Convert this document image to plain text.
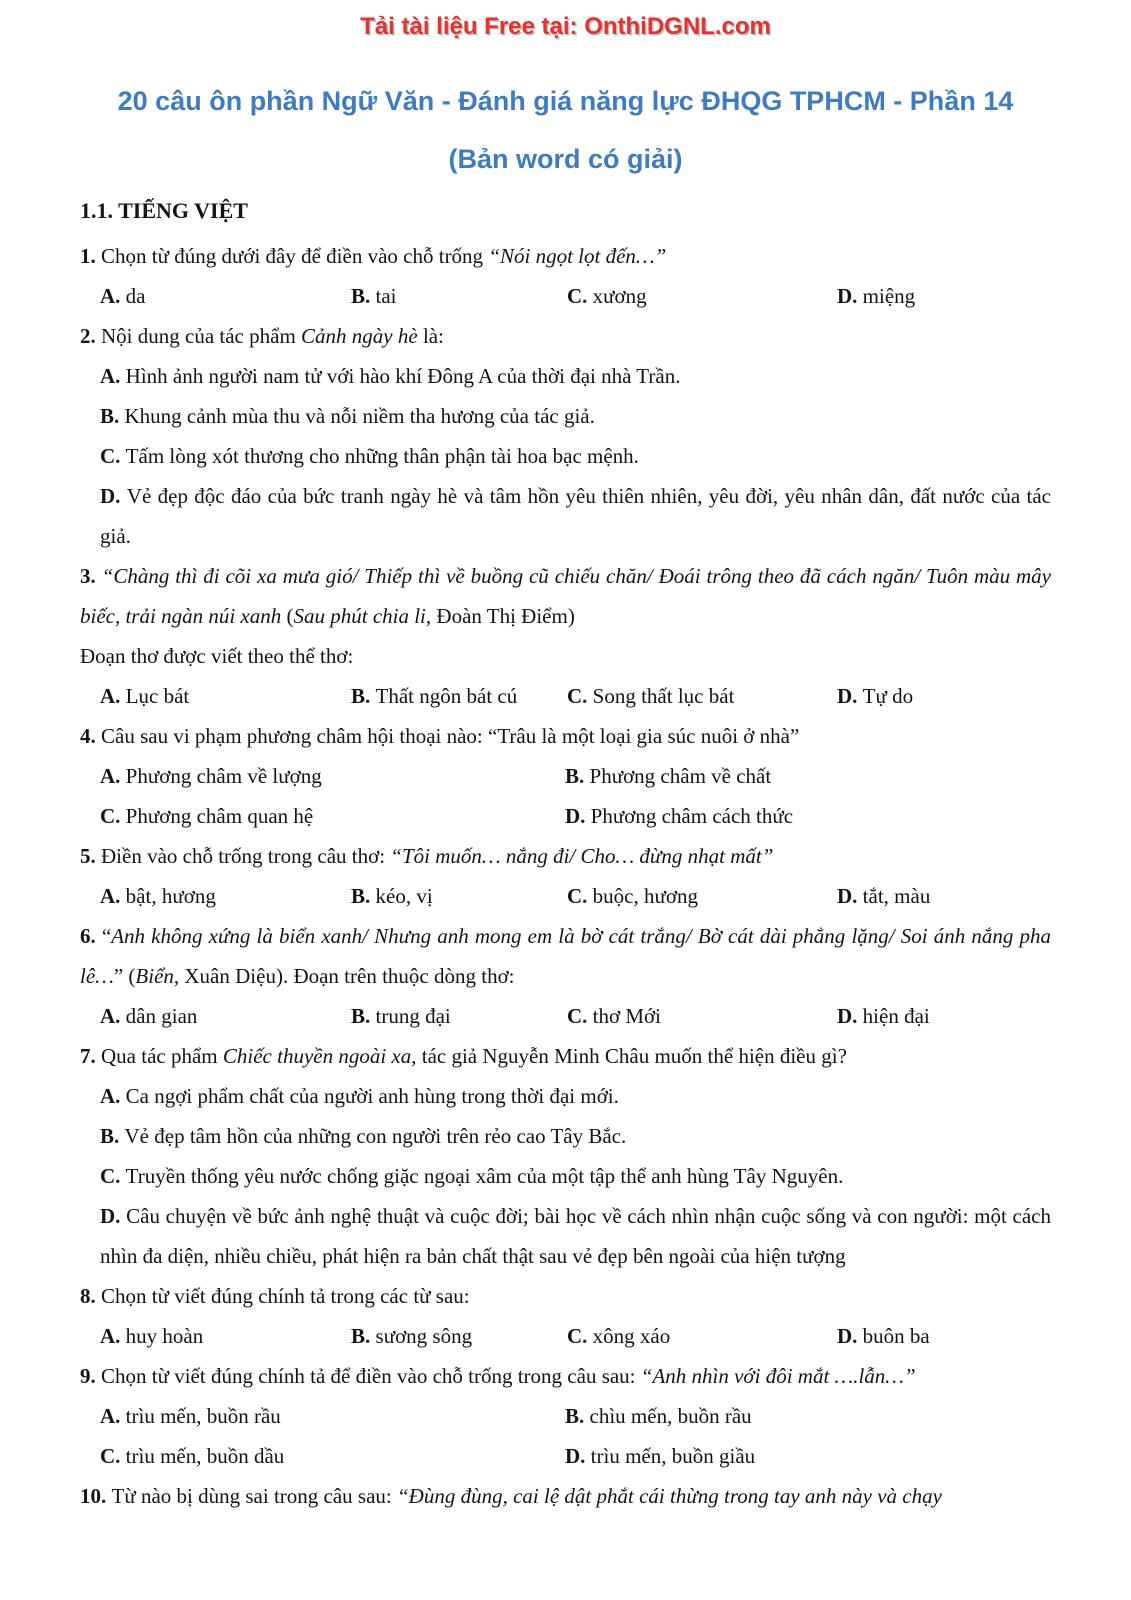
Tải tài liệu Free tại: OnthiDGNL.com

20 câu ôn phần Ngữ Văn - Đánh giá năng lực ĐHQG TPHCM - Phần 14

(Bản word có giải)

1.1. TIẾNG VIỆT

1. Chọn từ đúng dưới đây để điền vào chỗ trống “Nói ngọt lọt đến…”

A. da	B. tai	C. xương	D. miệng

2. Nội dung của tác phẩm Cảnh ngày hè là:

A. Hình ảnh người nam tử với hào khí Đông A của thời đại nhà Trần.

B. Khung cảnh mùa thu và nỗi niềm tha hương của tác giả.

C. Tấm lòng xót thương cho những thân phận tài hoa bạc mệnh.

D. Vẻ đẹp độc đáo của bức tranh ngày hè và tâm hồn yêu thiên nhiên, yêu đời, yêu nhân dân, đất nước của tác giả.

3. “Chàng thì đi cõi xa mưa gió/ Thiếp thì về buồng cũ chiếu chăn/ Đoái trông theo đã cách ngăn/ Tuôn màu mây biếc, trải ngàn núi xanh (Sau phút chia li, Đoàn Thị Điểm)

Đoạn thơ được viết theo thể thơ:

A. Lục bát	B. Thất ngôn bát cú	C. Song thất lục bát	D. Tự do

4. Câu sau vi phạm phương châm hội thoại nào: “Trâu là một loại gia súc nuôi ở nhà”

A. Phương châm về lượng	B. Phương châm về chất
C. Phương châm quan hệ	D. Phương châm cách thức

5. Điền vào chỗ trống trong câu thơ: “Tôi muốn… nắng đi/ Cho… đừng nhạt mất”

A. bật, hương	B. kéo, vị	C. buộc, hương	D. tắt, màu

6. “Anh không xứng là biển xanh/ Nhưng anh mong em là bờ cát trắng/ Bờ cát dài phẳng lặng/ Soi ánh nắng pha lê…” (Biển, Xuân Diệu). Đoạn trên thuộc dòng thơ:

A. dân gian	B. trung đại	C. thơ Mới	D. hiện đại

7. Qua tác phẩm Chiếc thuyền ngoài xa, tác giả Nguyễn Minh Châu muốn thể hiện điều gì?

A. Ca ngợi phẩm chất của người anh hùng trong thời đại mới.

B. Vẻ đẹp tâm hồn của những con người trên rẻo cao Tây Bắc.

C. Truyền thống yêu nước chống giặc ngoại xâm của một tập thể anh hùng Tây Nguyên.

D. Câu chuyện về bức ảnh nghệ thuật và cuộc đời; bài học về cách nhìn nhận cuộc sống và con người: một cách nhìn đa diện, nhiều chiều, phát hiện ra bản chất thật sau vẻ đẹp bên ngoài của hiện tượng

8. Chọn từ viết đúng chính tả trong các từ sau:

A. huy hoàn	B. sương sông	C. xông xáo	D. buôn ba

9. Chọn từ viết đúng chính tả để điền vào chỗ trống trong câu sau: “Anh nhìn với đôi mắt ….lẫn…”

A. trìu mến, buồn rầu	B. chìu mến, buồn rầu
C. trìu mến, buồn dầu	D. trìu mến, buồn giầu

10. Từ nào bị dùng sai trong câu sau: “Đùng đùng, cai lệ dật phắt cái thừng trong tay anh này và chạy
